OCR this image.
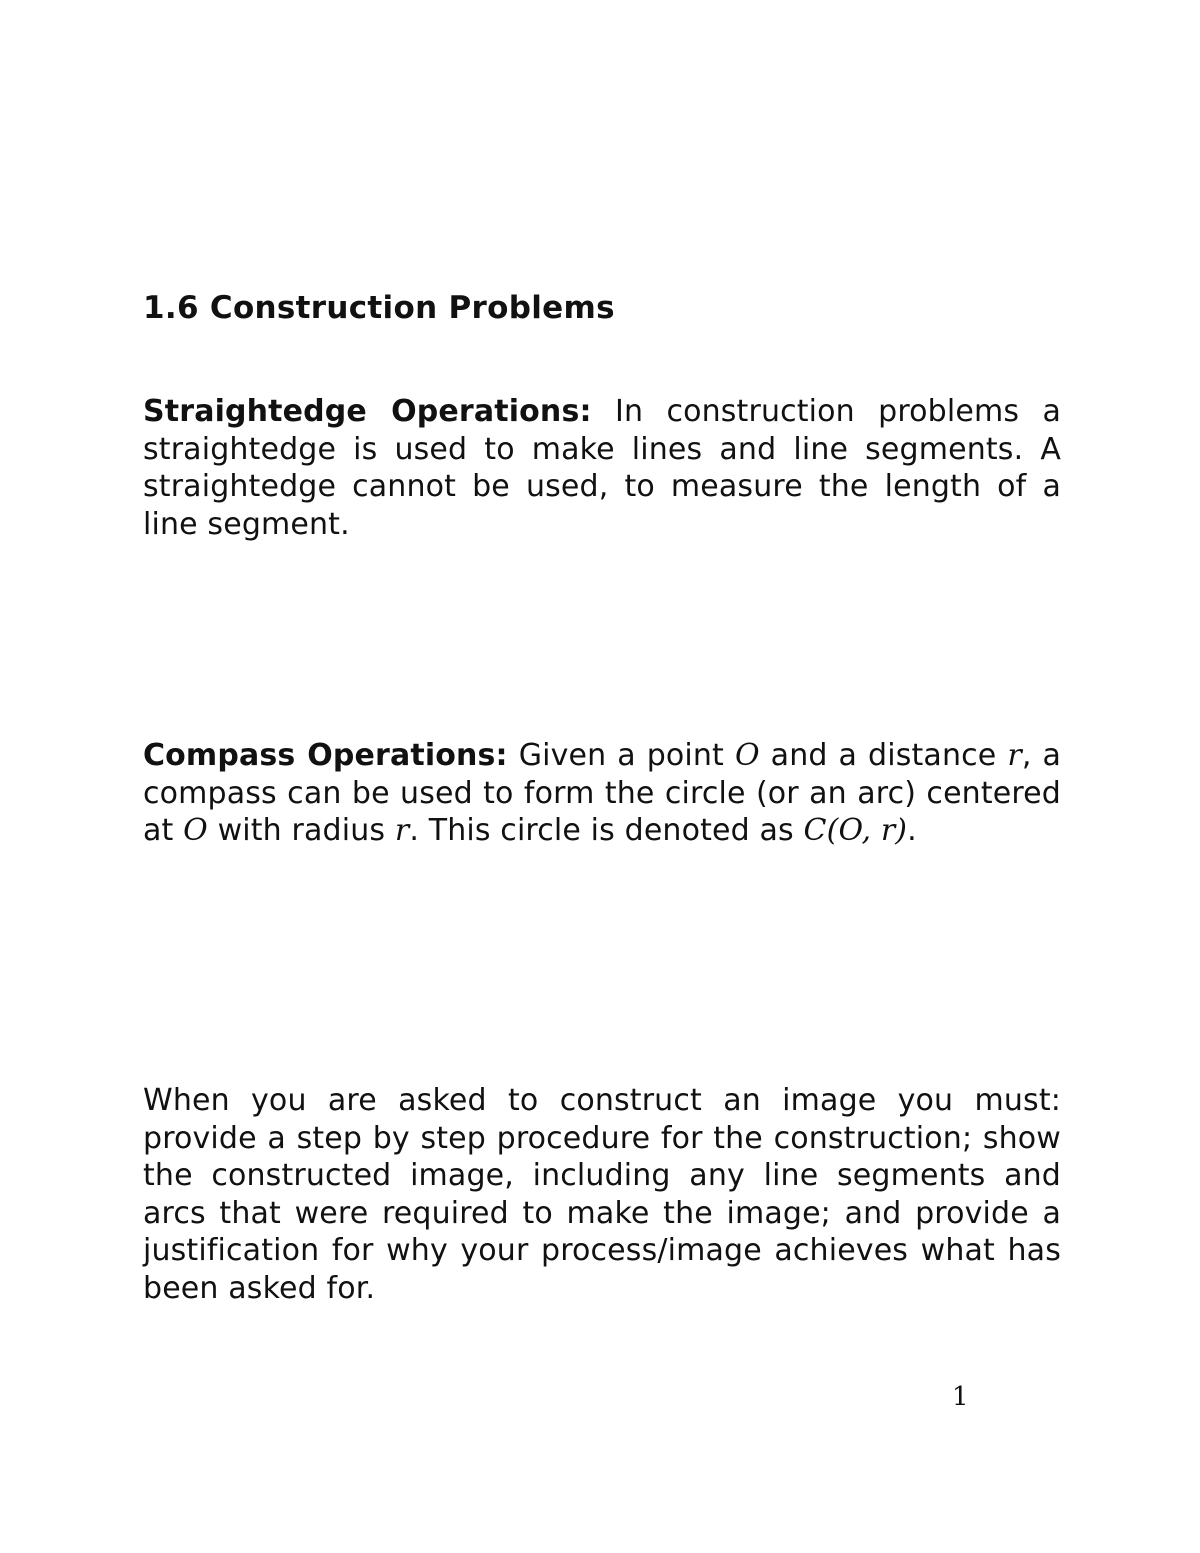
1.6 Construction Problems

Straightedge Operations: In construction problems a straightedge is used to make lines and line segments. A straightedge cannot be used, to measure the length of a line segment.

Compass Operations: Given a point O and a distance r, a compass can be used to form the circle (or an arc) centered at O with radius r. This circle is denoted as C(O, r).

When you are asked to construct an image you must: provide a step by step procedure for the construction; show the constructed image, including any line segments and arcs that were required to make the image; and provide a justification for why your process/image achieves what has been asked for.

1
